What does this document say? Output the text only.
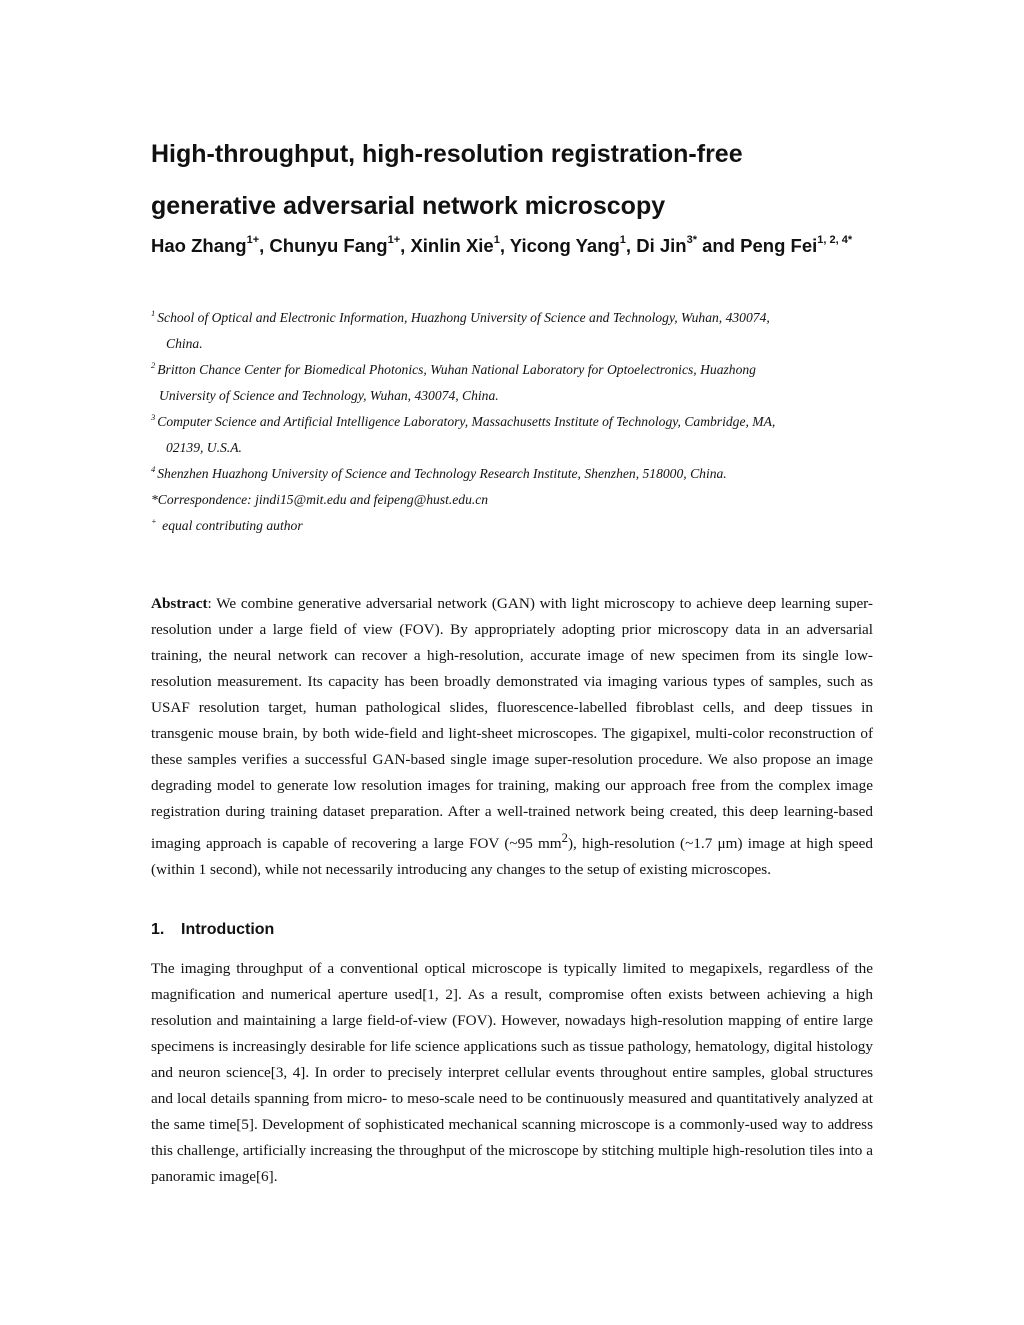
High-throughput, high-resolution registration-free
generative adversarial network microscopy

Hao Zhang$^{1+}$, Chunyu Fang$^{1+}$, Xinlin Xie$^1$, Yicong Yang$^1$, Di Jin$^{3*}$ and Peng Fei$^{1, 2, 4*}$

$^1$ School of Optical and Electronic Information, Huazhong University of Science and Technology, Wuhan, 430074,
China.

$^2$ Britton Chance Center for Biomedical Photonics, Wuhan National Laboratory for Optoelectronics, Huazhong
University of Science and Technology, Wuhan, 430074, China.

$^3$ Computer Science and Artificial Intelligence Laboratory, Massachusetts Institute of Technology, Cambridge, MA,
02139, U.S.A.

$^4$ Shenzhen Huazhong University of Science and Technology Research Institute, Shenzhen, 518000, China.

*Correspondence: jindi15@mit.edu and feipeng@hust.edu.cn

+ equal contributing author

Abstract: We combine generative adversarial network (GAN) with light microscopy to achieve deep learning super-resolution under a large field of view (FOV). By appropriately adopting prior microscopy data in an adversarial training, the neural network can recover a high-resolution, accurate image of new specimen from its single low-resolution measurement. Its capacity has been broadly demonstrated via imaging various types of samples, such as USAF resolution target, human pathological slides, fluorescence-labelled fibroblast cells, and deep tissues in transgenic mouse brain, by both wide-field and light-sheet microscopes. The gigapixel, multi-color reconstruction of these samples verifies a successful GAN-based single image super-resolution procedure. We also propose an image degrading model to generate low resolution images for training, making our approach free from the complex image registration during training dataset preparation. After a well-trained network being created, this deep learning-based imaging approach is capable of recovering a large FOV (~95 $mm^2$), high-resolution (~1.7 μm) image at high speed (within 1 second), while not necessarily introducing any changes to the setup of existing microscopes.

1. Introduction

The imaging throughput of a conventional optical microscope is typically limited to megapixels, regardless of the magnification and numerical aperture used[1, 2]. As a result, compromise often exists between achieving a high resolution and maintaining a large field-of-view (FOV). However, nowadays high-resolution mapping of entire large specimens is increasingly desirable for life science applications such as tissue pathology, hematology, digital histology and neuron science[3, 4]. In order to precisely interpret cellular events throughout entire samples, global structures and local details spanning from micro- to meso-scale need to be continuously measured and quantitatively analyzed at the same time[5]. Development of sophisticated mechanical scanning microscope is a commonly-used way to address this challenge, artificially increasing the throughput of the microscope by stitching multiple high-resolution tiles into a panoramic image[6].
